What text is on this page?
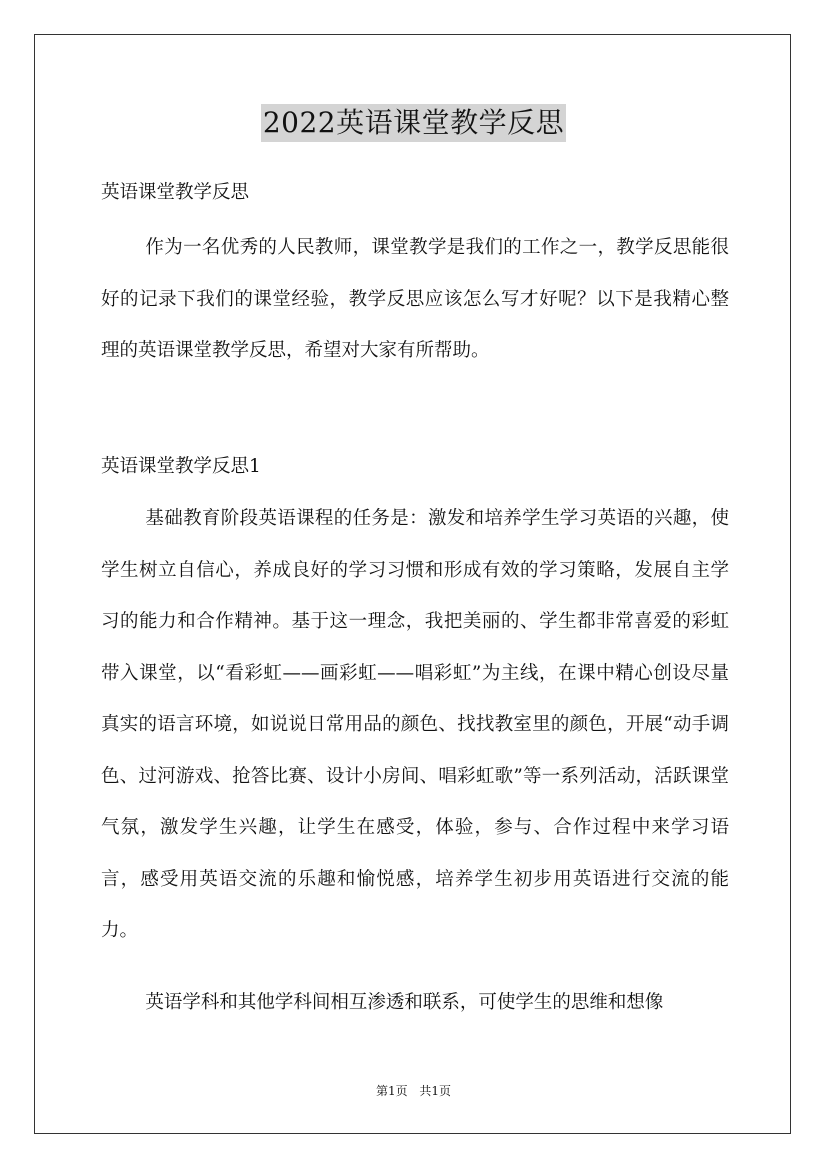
2022英语课堂教学反思

英语课堂教学反思

作为一名优秀的人民教师，课堂教学是我们的工作之一，教学反思能很好的记录下我们的课堂经验，教学反思应该怎么写才好呢？以下是我精心整理的英语课堂教学反思，希望对大家有所帮助。

英语课堂教学反思1

基础教育阶段英语课程的任务是：激发和培养学生学习英语的兴趣，使学生树立自信心，养成良好的学习习惯和形成有效的学习策略，发展自主学习的能力和合作精神。基于这一理念，我把美丽的、学生都非常喜爱的彩虹带入课堂，以“看彩虹——画彩虹——唱彩虹”为主线，在课中精心创设尽量真实的语言环境，如说说日常用品的颜色、找找教室里的颜色，开展“动手调色、过河游戏、抢答比赛、设计小房间、唱彩虹歌”等一系列活动，活跃课堂气氛，激发学生兴趣，让学生在感受，体验，参与、合作过程中来学习语言，感受用英语交流的乐趣和愉悦感，培养学生初步用英语进行交流的能力。

英语学科和其他学科间相互渗透和联系，可使学生的思维和想像

第1页 共1页
